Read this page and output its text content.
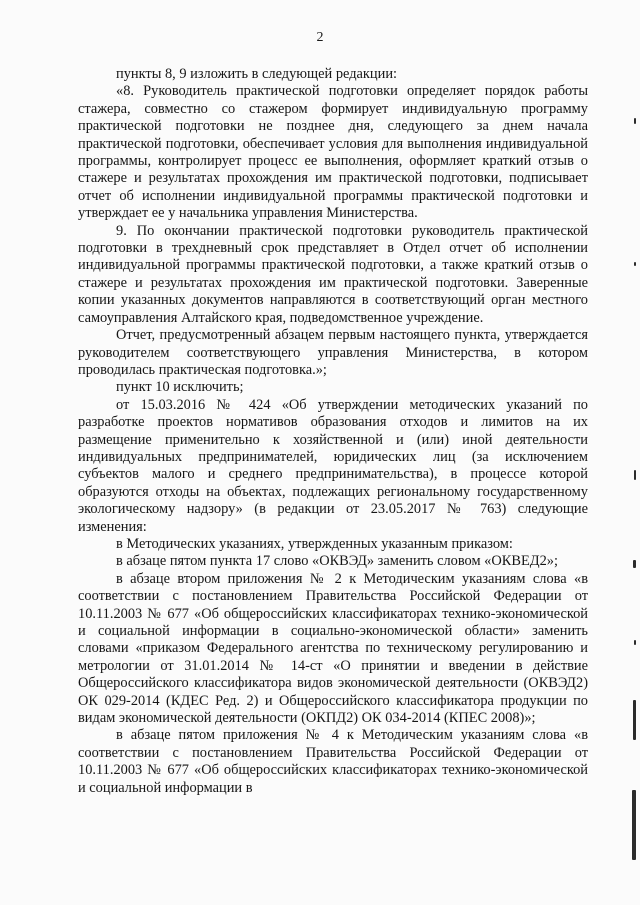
2

пункты 8, 9 изложить в следующей редакции:

«8. Руководитель практической подготовки определяет порядок работы стажера, совместно со стажером формирует индивидуальную программу практической подготовки не позднее дня, следующего за днем начала практической подготовки, обеспечивает условия для выполнения индивидуальной программы, контролирует процесс ее выполнения, оформляет краткий отзыв о стажере и результатах прохождения им практической подготовки, подписывает отчет об исполнении индивидуальной программы практической подготовки и утверждает ее у начальника управления Министерства.

9. По окончании практической подготовки руководитель практической подготовки в трехдневный срок представляет в Отдел отчет об исполнении индивидуальной программы практической подготовки, а также краткий отзыв о стажере и результатах прохождения им практической подготовки. Заверенные копии указанных документов направляются в соответствующий орган местного самоуправления Алтайского края, подведомственное учреждение.

Отчет, предусмотренный абзацем первым настоящего пункта, утверждается руководителем соответствующего управления Министерства, в котором проводилась практическая подготовка.»;

пункт 10 исключить;

от 15.03.2016 № 424 «Об утверждении методических указаний по разработке проектов нормативов образования отходов и лимитов на их размещение применительно к хозяйственной и (или) иной деятельности индивидуальных предпринимателей, юридических лиц (за исключением субъектов малого и среднего предпринимательства), в процессе которой образуются отходы на объектах, подлежащих региональному государственному экологическому надзору» (в редакции от 23.05.2017 № 763) следующие изменения:

в Методических указаниях, утвержденных указанным приказом:

в абзаце пятом пункта 17 слово «ОКВЭД» заменить словом «ОКВЕД2»;

в абзаце втором приложения № 2 к Методическим указаниям слова «в соответствии с постановлением Правительства Российской Федерации от 10.11.2003 № 677 «Об общероссийских классификаторах технико-экономической и социальной информации в социально-экономической области» заменить словами «приказом Федерального агентства по техническому регулированию и метрологии от 31.01.2014 № 14-ст «О принятии и введении в действие Общероссийского классификатора видов экономической деятельности (ОКВЭД2) ОК 029-2014 (КДЕС Ред. 2) и Общероссийского классификатора продукции по видам экономической деятельности (ОКПД2) ОК 034-2014 (КПЕС 2008)»;

в абзаце пятом приложения № 4 к Методическим указаниям слова «в соответствии с постановлением Правительства Российской Федерации от 10.11.2003 № 677 «Об общероссийских классификаторах технико-экономической и социальной информации в
